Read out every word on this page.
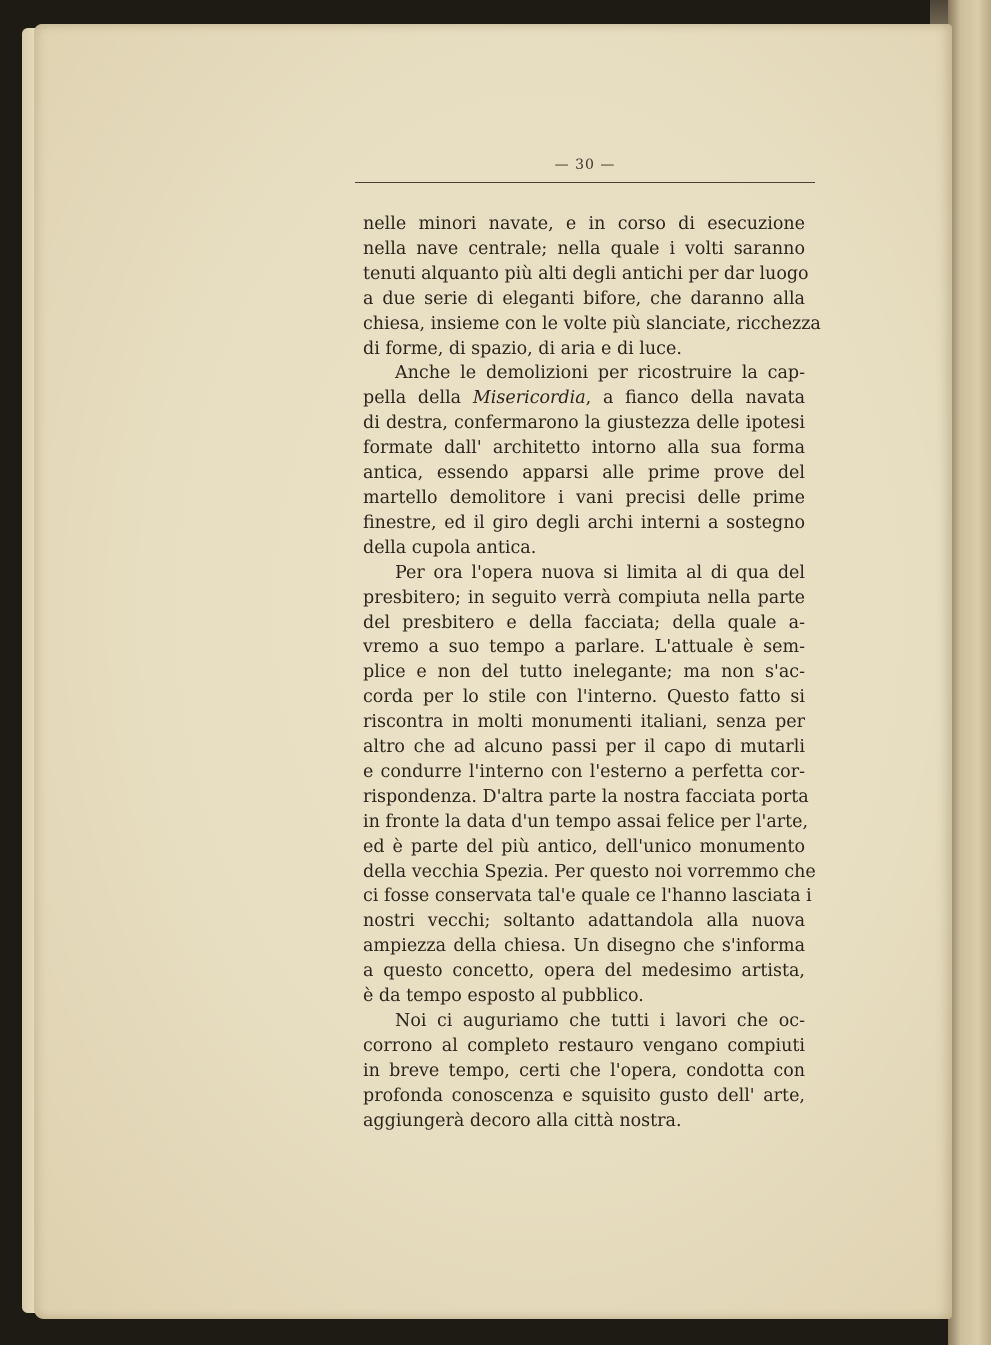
— 30 —
nelle minori navate, e in corso di esecuzione
nella nave centrale; nella quale i volti saranno
tenuti alquanto più alti degli antichi per dar luogo
a due serie di eleganti bifore, che daranno alla
chiesa, insieme con le volte più slanciate, ricchezza
di forme, di spazio, di aria e di luce.
Anche le demolizioni per ricostruire la cap-
pella della Misericordia, a fianco della navata
di destra, confermarono la giustezza delle ipotesi
formate dall' architetto intorno alla sua forma
antica, essendo apparsi alle prime prove del
martello demolitore i vani precisi delle prime
finestre, ed il giro degli archi interni a sostegno
della cupola antica.
Per ora l'opera nuova si limita al di qua del
presbitero; in seguito verrà compiuta nella parte
del presbitero e della facciata; della quale a-
vremo a suo tempo a parlare. L'attuale è sem-
plice e non del tutto inelegante; ma non s'ac-
corda per lo stile con l'interno. Questo fatto si
riscontra in molti monumenti italiani, senza per
altro che ad alcuno passi per il capo di mutarli
e condurre l'interno con l'esterno a perfetta cor-
rispondenza. D'altra parte la nostra facciata porta
in fronte la data d'un tempo assai felice per l'arte,
ed è parte del più antico, dell'unico monumento
della vecchia Spezia. Per questo noi vorremmo che
ci fosse conservata tal'e quale ce l'hanno lasciata i
nostri vecchi; soltanto adattandola alla nuova
ampiezza della chiesa. Un disegno che s'informa
a questo concetto, opera del medesimo artista,
è da tempo esposto al pubblico.
Noi ci auguriamo che tutti i lavori che oc-
corrono al completo restauro vengano compiuti
in breve tempo, certi che l'opera, condotta con
profonda conoscenza e squisito gusto dell' arte,
aggiungerà decoro alla città nostra.
